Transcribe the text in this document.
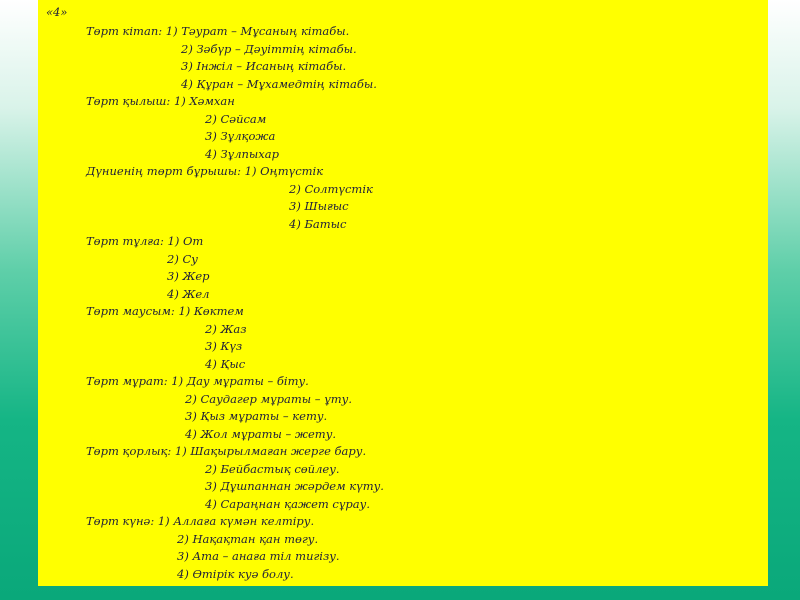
«4»
Төрт кітап: 1) Тәурат – Мұсаның кітабы.
2) Зәбүр – Дәуіттің кітабы.
3) Інжіл – Исаның кітабы.
4) Құран – Мұхамедтің кітабы.
Төрт қылыш: 1) Хәмхан
2) Сәйсам
3) Зұлқожа
4) Зұлпыхар
Дүниенің төрт бұрышы: 1) Оңтүстік
2) Солтүстік
3) Шығыс
4) Батыс
Төрт тұлға: 1) От
2) Су
3) Жер
4) Жел
Төрт маусым: 1) Көктем
2) Жаз
3) Күз
4) Қыс
Төрт мұрат: 1) Дау мұраты – біту.
2) Саудагер мұраты – ұту.
3) Қыз мұраты – кету.
4) Жол мұраты – жету.
Төрт қорлық: 1) Шақырылмаған жерге бару.
2) Бейбастық сөйлеу.
3) Дұшпаннан жәрдем күту.
4) Сараңнан қажет сұрау.
Төрт күнә: 1) Аллаға күмән келтіру.
2) Нақақтан қан төгу.
3) Ата – анаға тіл тигізу.
4) Өтірік куә болу.
